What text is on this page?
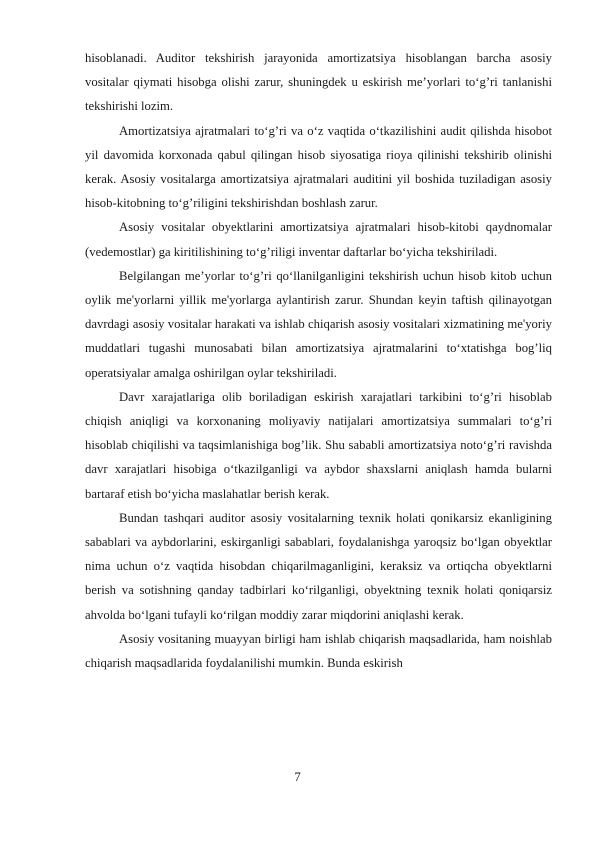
hisoblanadi. Auditor tekshirish jarayonida amortizatsiya hisoblangan barcha asosiy vositalar qiymati hisobga olishi zarur, shuningdek u eskirish me’yorlari to‘g’ri tanlanishi tekshirishi lozim.

Amortizatsiya ajratmalari to‘g’ri va o‘z vaqtida o‘tkazilishini audit qilishda hisobot yil davomida korxonada qabul qilingan hisob siyosatiga rioya qilinishi tekshirib olinishi kerak. Asosiy vositalarga amortizatsiya ajratmalari auditini yil boshida tuziladigan asosiy hisob-kitobning to‘g’riligini tekshirishdan boshlash zarur.

Asosiy vositalar obyektlarini amortizatsiya ajratmalari hisob-kitobi qaydnomalar (vedemostlar) ga kiritilishining to‘g’riligi inventar daftarlar bo‘yicha tekshiriladi.

Belgilangan me’yorlar to‘g’ri qo‘llanilganligini tekshirish uchun hisob kitob uchun oylik me'yorlarni yillik me'yorlarga aylantirish zarur. Shundan keyin taftish qilinayotgan davrdagi asosiy vositalar harakati va ishlab chiqarish asosiy vositalari xizmatining me'yoriy muddatlari tugashi munosabati bilan amortizatsiya ajratmalarini to‘xtatishga bog’liq operatsiyalar amalga oshirilgan oylar tekshiriladi.

Davr xarajatlariga olib boriladigan eskirish xarajatlari tarkibini to‘g’ri hisoblab chiqish aniqligi va korxonaning moliyaviy natijalari amortizatsiya summalari to‘g’ri hisoblab chiqilishi va taqsimlanishiga bog’lik. Shu sababli amortizatsiya noto‘g’ri ravishda davr xarajatlari hisobiga o‘tkazilganligi va aybdor shaxslarni aniqlash hamda bularni bartaraf etish bo‘yicha maslahatlar berish kerak.

Bundan tashqari auditor asosiy vositalarning texnik holati qonikarsiz ekanligining sabablari va aybdorlarini, eskirganligi sabablari, foydalanishga yaroqsiz bo‘lgan obyektlar nima uchun o‘z vaqtida hisobdan chiqarilmaganligini, keraksiz va ortiqcha obyektlarni berish va sotishning qanday tadbirlari ko‘rilganligi, obyektning texnik holati qoniqarsiz ahvolda bo‘lgani tufayli ko‘rilgan moddiy zarar miqdorini aniqlashi kerak.

Asosiy vositaning muayyan birligi ham ishlab chiqarish maqsadlarida, ham noishlab chiqarish maqsadlarida foydalanilishi mumkin. Bunda eskirish

7
